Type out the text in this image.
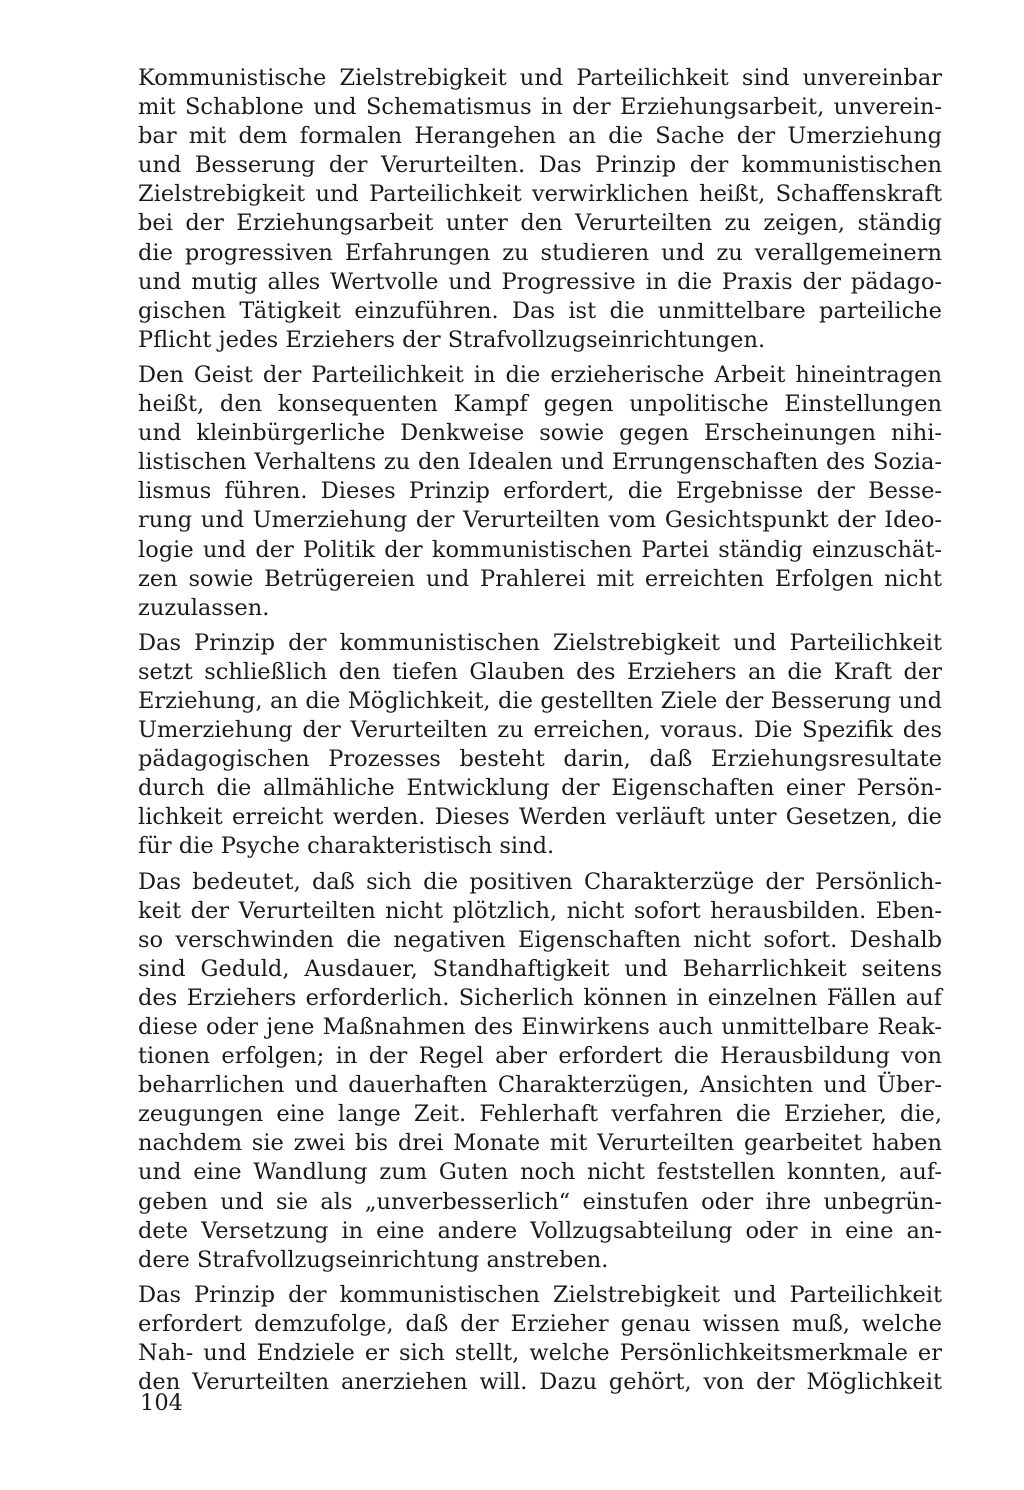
Kommunistische Zielstrebigkeit und Parteilichkeit sind unvereinbar
mit Schablone und Schematismus in der Erziehungsarbeit, unverein-
bar mit dem formalen Herangehen an die Sache der Umerziehung
und Besserung der Verurteilten. Das Prinzip der kommunistischen
Zielstrebigkeit und Parteilichkeit verwirklichen heißt, Schaffenskraft
bei der Erziehungsarbeit unter den Verurteilten zu zeigen, ständig
die progressiven Erfahrungen zu studieren und zu verallgemeinern
und mutig alles Wertvolle und Progressive in die Praxis der pädago-
gischen Tätigkeit einzuführen. Das ist die unmittelbare parteiliche
Pflicht jedes Erziehers der Strafvollzugseinrichtungen.

Den Geist der Parteilichkeit in die erzieherische Arbeit hineintragen
heißt, den konsequenten Kampf gegen unpolitische Einstellungen
und kleinbürgerliche Denkweise sowie gegen Erscheinungen nihi-
listischen Verhaltens zu den Idealen und Errungenschaften des Sozia-
lismus führen. Dieses Prinzip erfordert, die Ergebnisse der Besse-
rung und Umerziehung der Verurteilten vom Gesichtspunkt der Ideo-
logie und der Politik der kommunistischen Partei ständig einzuschät-
zen sowie Betrügereien und Prahlerei mit erreichten Erfolgen nicht
zuzulassen.

Das Prinzip der kommunistischen Zielstrebigkeit und Parteilichkeit
setzt schließlich den tiefen Glauben des Erziehers an die Kraft der
Erziehung, an die Möglichkeit, die gestellten Ziele der Besserung und
Umerziehung der Verurteilten zu erreichen, voraus. Die Spezifik des
pädagogischen Prozesses besteht darin, daß Erziehungsresultate
durch die allmähliche Entwicklung der Eigenschaften einer Persön-
lichkeit erreicht werden. Dieses Werden verläuft unter Gesetzen, die
für die Psyche charakteristisch sind.

Das bedeutet, daß sich die positiven Charakterzüge der Persönlich-
keit der Verurteilten nicht plötzlich, nicht sofort herausbilden. Eben-
so verschwinden die negativen Eigenschaften nicht sofort. Deshalb
sind Geduld, Ausdauer, Standhaftigkeit und Beharrlichkeit seitens
des Erziehers erforderlich. Sicherlich können in einzelnen Fällen auf
diese oder jene Maßnahmen des Einwirkens auch unmittelbare Reak-
tionen erfolgen; in der Regel aber erfordert die Herausbildung von
beharrlichen und dauerhaften Charakterzügen, Ansichten und Über-
zeugungen eine lange Zeit. Fehlerhaft verfahren die Erzieher, die,
nachdem sie zwei bis drei Monate mit Verurteilten gearbeitet haben
und eine Wandlung zum Guten noch nicht feststellen konnten, auf-
geben und sie als „unverbesserlich“ einstufen oder ihre unbegrün-
dete Versetzung in eine andere Vollzugsabteilung oder in eine an-
dere Strafvollzugseinrichtung anstreben.

Das Prinzip der kommunistischen Zielstrebigkeit und Parteilichkeit
erfordert demzufolge, daß der Erzieher genau wissen muß, welche
Nah- und Endziele er sich stellt, welche Persönlichkeitsmerkmale er
den Verurteilten anerziehen will. Dazu gehört, von der Möglichkeit

104
